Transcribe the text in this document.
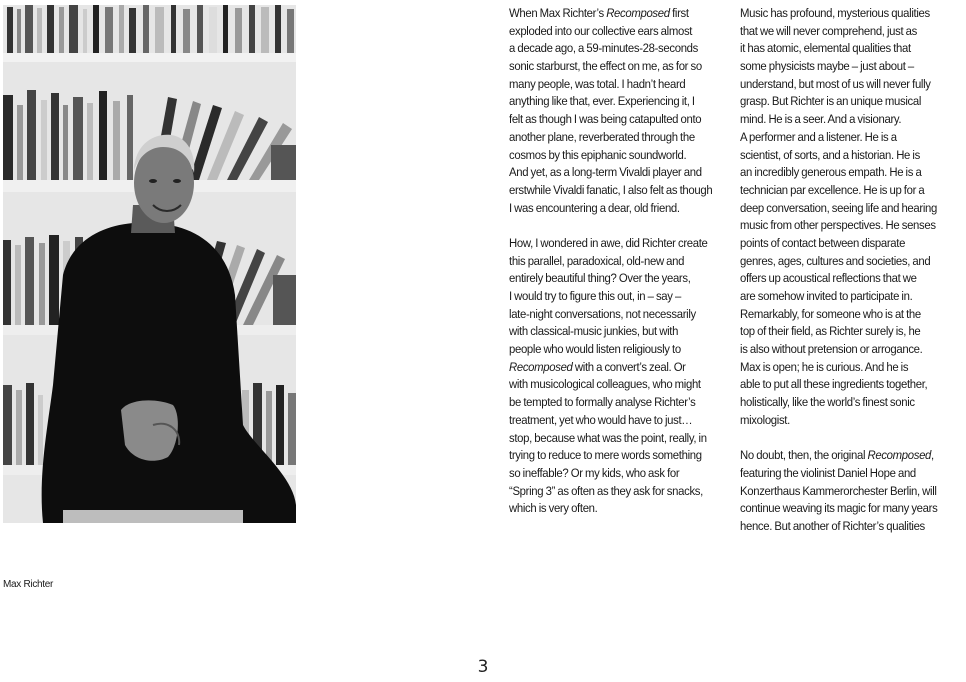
Max Richter
When Max Richter’s Recomposed first
exploded into our collective ears almost
a decade ago, a 59-minutes-28-seconds
sonic starburst, the effect on me, as for so
many people, was total. I hadn’t heard
anything like that, ever. Experiencing it, I
felt as though I was being catapulted onto
another plane, reverberated through the
cosmos by this epiphanic soundworld.
And yet, as a long-term Vivaldi player and
erstwhile Vivaldi fanatic, I also felt as though
I was encountering a dear, old friend.
How, I wondered in awe, did Richter create
this parallel, paradoxical, old-new and
entirely beautiful thing? Over the years,
I would try to figure this out, in – say –
late-night conversations, not necessarily
with classical-music junkies, but with
people who would listen religiously to
Recomposed with a convert’s zeal. Or
with musicological colleagues, who might
be tempted to formally analyse Richter’s
treatment, yet who would have to just…
stop, because what was the point, really, in
trying to reduce to mere words something
so ineffable? Or my kids, who ask for
“Spring 3” as often as they ask for snacks,
which is very often.
Music has profound, mysterious qualities
that we will never comprehend, just as
it has atomic, elemental qualities that
some physicists maybe – just about –
understand, but most of us will never fully
grasp. But Richter is an unique musical
mind. He is a seer. And a visionary.
A performer and a listener. He is a
scientist, of sorts, and a historian. He is
an incredibly generous empath. He is a
technician par excellence. He is up for a
deep conversation, seeing life and hearing
music from other perspectives. He senses
points of contact between disparate
genres, ages, cultures and societies, and
offers up acoustical reflections that we
are somehow invited to participate in.
Remarkably, for someone who is at the
top of their field, as Richter surely is, he
is also without pretension or arrogance.
Max is open; he is curious. And he is
able to put all these ingredients together,
holistically, like the world’s finest sonic
mixologist.
No doubt, then, the original Recomposed,
featuring the violinist Daniel Hope and
Konzerthaus Kammerorchester Berlin, will
continue weaving its magic for many years
hence. But another of Richter’s qualities
3
